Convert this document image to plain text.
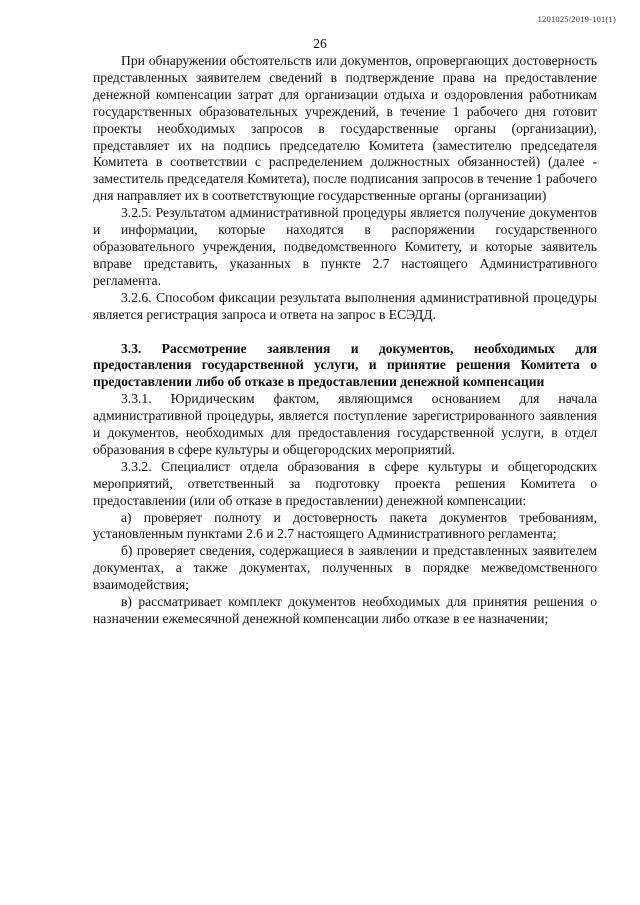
1201025/2019-101(1)
26

При обнаружении обстоятельств или документов, опровергающих достоверность представленных заявителем сведений в подтверждение права на предоставление денежной компенсации затрат для организации отдыха и оздоровления работникам государственных образовательных учреждений, в течение 1 рабочего дня готовит проекты необходимых запросов в государственные органы (организации), представляет их на подпись председателю Комитета (заместителю председателя Комитета в соответствии с распределением должностных обязанностей) (далее - заместитель председателя Комитета), после подписания запросов в течение 1 рабочего дня направляет их в соответствующие государственные органы (организации)

3.2.5. Результатом административной процедуры является получение документов и информации, которые находятся в распоряжении государственного образовательного учреждения, подведомственного Комитету, и которые заявитель вправе представить, указанных в пункте 2.7 настоящего Административного регламента.

3.2.6. Способом фиксации результата выполнения административной процедуры является регистрация запроса и ответа на запрос в ЕСЭДД.

3.3. Рассмотрение заявления и документов, необходимых для предоставления государственной услуги, и принятие решения Комитета о предоставлении либо об отказе в предоставлении денежной компенсации

3.3.1. Юридическим фактом, являющимся основанием для начала административной процедуры, является поступление зарегистрированного заявления и документов, необходимых для предоставления государственной услуги, в отдел образования в сфере культуры и общегородских мероприятий.

3.3.2. Специалист отдела образования в сфере культуры и общегородских мероприятий, ответственный за подготовку проекта решения Комитета о предоставлении (или об отказе в предоставлении) денежной компенсации:

а) проверяет полноту и достоверность пакета документов требованиям, установленным пунктами 2.6 и 2.7 настоящего Административного регламента;

б) проверяет сведения, содержащиеся в заявлении и представленных заявителем документах, а также документах, полученных в порядке межведомственного взаимодействия;

в) рассматривает комплект документов необходимых для принятия решения о назначении ежемесячной денежной компенсации либо отказе в ее назначении;
